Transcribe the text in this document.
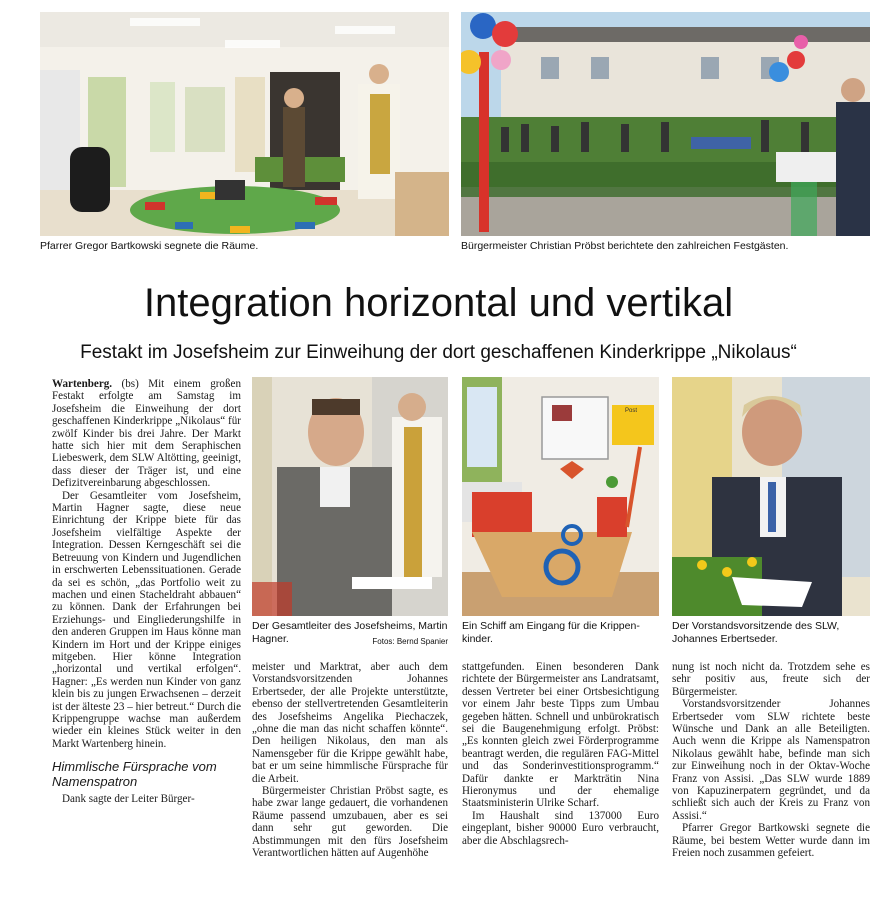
Pfarrer Gregor Bartkowski segnete die Räume.	Bürgermeister Christian Pröbst berichtete den zahlreichen Festgästen.
Integration horizontal und vertikal
Festakt im Josefsheim zur Einweihung der dort geschaffenen Kinderkrippe „Nikolaus“
Der Gesamtleiter des Josefsheims, Martin Hagner.	Fotos: Bernd Spanier
Post
Ein Schiff am Eingang für die Krippen-kinder.
Der Vorstandsvorsitzende des SLW, Johannes Erbertseder.

Wartenberg. (bs) Mit einem großen Festakt erfolgte am Samstag im Josefsheim die Einweihung der dort geschaffenen Kinderkrippe „Nikolaus“ für zwölf Kinder bis drei Jahre. Der Markt hatte sich hier mit dem Seraphischen Liebeswerk, dem SLW Altötting, geeinigt, dass dieser der Träger ist, und eine Defizitvereinbarung abgeschlossen.

Der Gesamtleiter vom Josefsheim, Martin Hagner sagte, diese neue Einrichtung der Krippe biete für das Josefsheim vielfältige Aspekte der Integration. Dessen Kerngeschäft sei die Betreuung von Kindern und Jugendlichen in erschwerten Lebenssituationen. Gerade da sei es schön, „das Portfolio weit zu machen und einen Stacheldraht abbauen“ zu können. Dank der Erfahrungen bei Erziehungs- und Eingliederungshilfe in den anderen Gruppen im Haus könne man Kindern im Hort und der Krippe einiges mitgeben. Hier könne Integration „horizontal und vertikal erfolgen“. Hagner: „Es werden nun Kinder von ganz klein bis zu jungen Erwachsenen – derzeit ist der älteste 23 – hier betreut.“ Durch die Krippengruppe wachse man außerdem wieder ein kleines Stück weiter in den Markt Wartenberg hinein.

Himmlische Fürsprache vom Namenspatron

Dank sagte der Leiter Bürger-

meister und Marktrat, aber auch dem Vorstandsvorsitzenden Johannes Erbertseder, der alle Projekte unterstützte, ebenso der stellvertretenden Gesamtleiterin des Josefsheims Angelika Piechaczek, „ohne die man das nicht schaffen könnte“. Den heiligen Nikolaus, den man als Namensgeber für die Krippe gewählt habe, bat er um seine himmlische Fürsprache für die Arbeit.

Bürgermeister Christian Pröbst sagte, es habe zwar lange gedauert, die vorhandenen Räume passend umzubauen, aber es sei dann sehr gut geworden. Die Abstimmungen mit den fürs Josefsheim Verantwortlichen hätten auf Augenhöhe

stattgefunden. Einen besonderen Dank richtete der Bürgermeister ans Landratsamt, dessen Vertreter bei einer Ortsbesichtigung vor einem Jahr beste Tipps zum Umbau gegeben hätten. Schnell und unbürokratisch sei die Baugenehmigung erfolgt. Pröbst: „Es konnten gleich zwei Förderprogramme beantragt werden, die regulären FAG-Mittel und das Sonderinvestitionsprogramm.“ Dafür dankte er Markträtin Nina Hieronymus und der ehemalige Staatsministerin Ulrike Scharf.

Im Haushalt sind 137000 Euro eingeplant, bisher 90000 Euro verbraucht, aber die Abschlagsrech-

nung ist noch nicht da. Trotzdem sehe es sehr positiv aus, freute sich der Bürgermeister.

Vorstandsvorsitzender Johannes Erbertseder vom SLW richtete beste Wünsche und Dank an alle Beteiligten. Auch wenn die Krippe als Namenspatron Nikolaus gewählt habe, befinde man sich zur Einweihung noch in der Oktav-Woche Franz von Assisi. „Das SLW wurde 1889 von Kapuzinerpatern gegründet, und da schließt sich auch der Kreis zu Franz von Assisi.“

Pfarrer Gregor Bartkowski segnete die Räume, bei bestem Wetter wurde dann im Freien noch zusammen gefeiert.
